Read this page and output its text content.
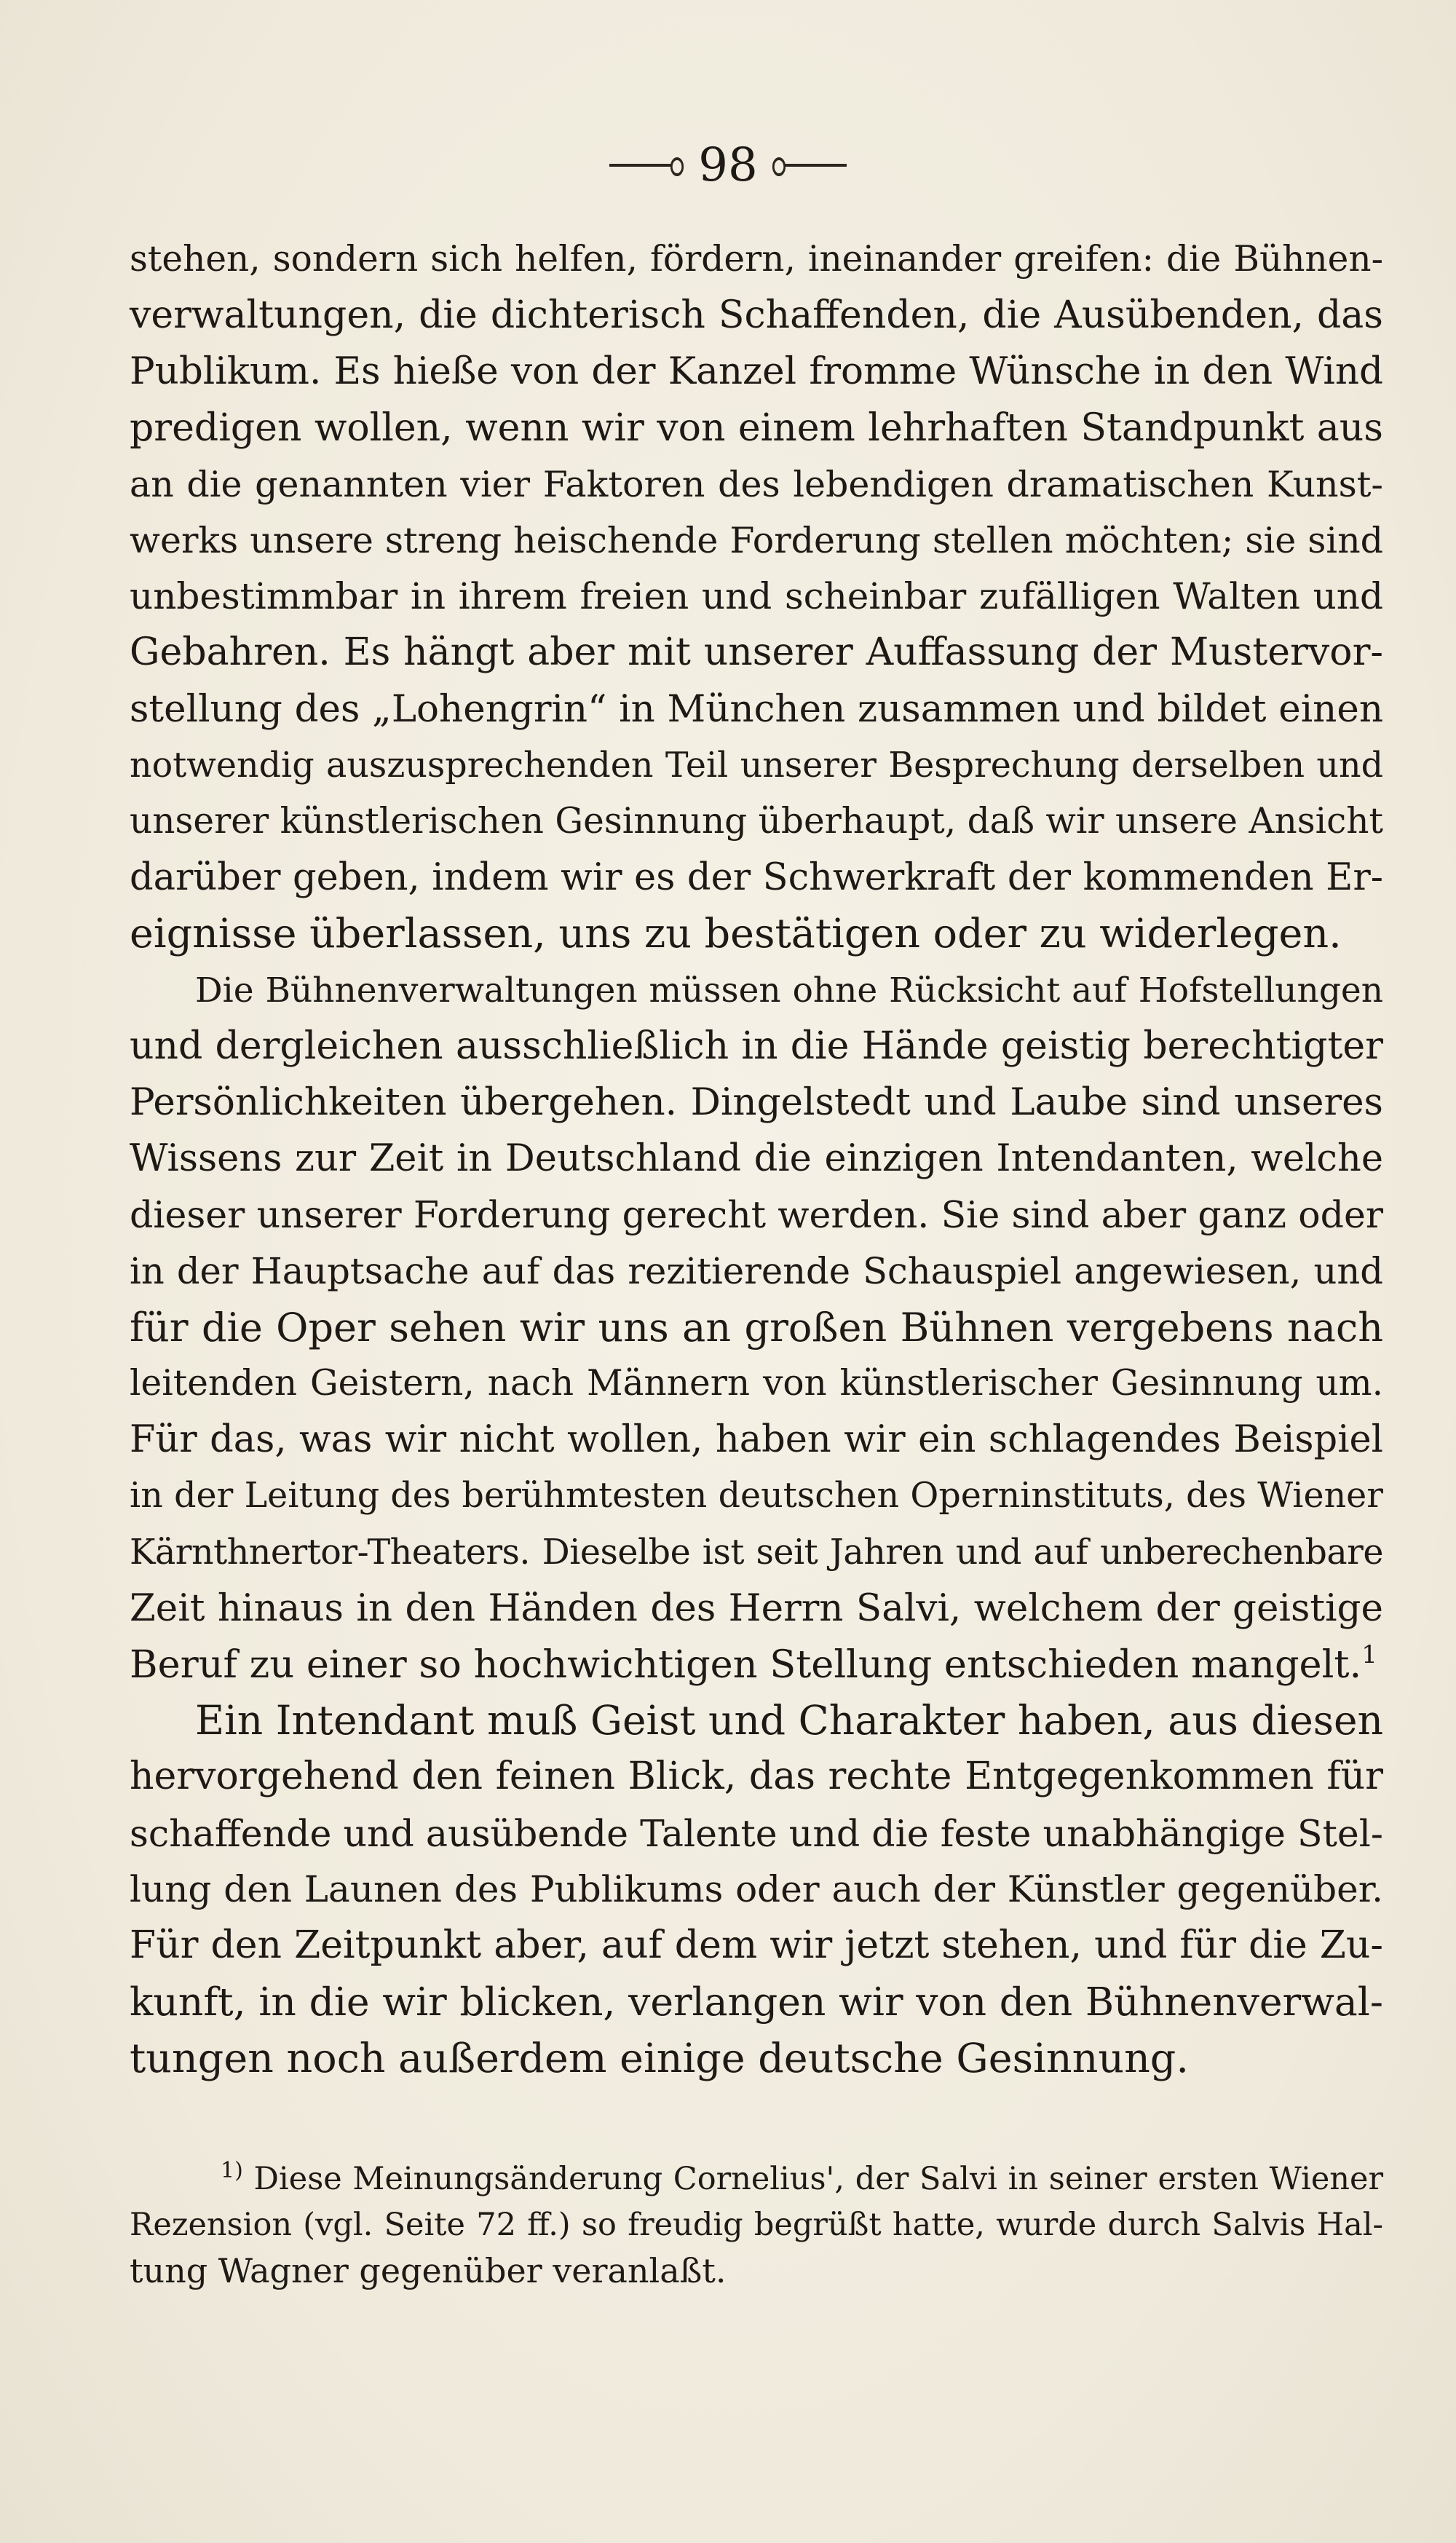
98

stehen, sondern sich helfen, fördern, ineinander greifen: die Bühnen-
verwaltungen, die dichterisch Schaffenden, die Ausübenden, das
Publikum. Es hieße von der Kanzel fromme Wünsche in den Wind
predigen wollen, wenn wir von einem lehrhaften Standpunkt aus
an die genannten vier Faktoren des lebendigen dramatischen Kunst-
werks unsere streng heischende Forderung stellen möchten; sie sind
unbestimmbar in ihrem freien und scheinbar zufälligen Walten und
Gebahren. Es hängt aber mit unserer Auffassung der Mustervor-
stellung des „Lohengrin“ in München zusammen und bildet einen
notwendig auszusprechenden Teil unserer Besprechung derselben und
unserer künstlerischen Gesinnung überhaupt, daß wir unsere Ansicht
darüber geben, indem wir es der Schwerkraft der kommenden Er-
eignisse überlassen, uns zu bestätigen oder zu widerlegen.

Die Bühnenverwaltungen müssen ohne Rücksicht auf Hofstellungen
und dergleichen ausschließlich in die Hände geistig berechtigter
Persönlichkeiten übergehen. Dingelstedt und Laube sind unseres
Wissens zur Zeit in Deutschland die einzigen Intendanten, welche
dieser unserer Forderung gerecht werden. Sie sind aber ganz oder
in der Hauptsache auf das rezitierende Schauspiel angewiesen, und
für die Oper sehen wir uns an großen Bühnen vergebens nach
leitenden Geistern, nach Männern von künstlerischer Gesinnung um.
Für das, was wir nicht wollen, haben wir ein schlagendes Beispiel
in der Leitung des berühmtesten deutschen Operninstituts, des Wiener
Kärnthnertor-Theaters. Dieselbe ist seit Jahren und auf unberechenbare
Zeit hinaus in den Händen des Herrn Salvi, welchem der geistige
Beruf zu einer so hochwichtigen Stellung entschieden mangelt.$^1$

Ein Intendant muß Geist und Charakter haben, aus diesen
hervorgehend den feinen Blick, das rechte Entgegenkommen für
schaffende und ausübende Talente und die feste unabhängige Stel-
lung den Launen des Publikums oder auch der Künstler gegenüber.
Für den Zeitpunkt aber, auf dem wir jetzt stehen, und für die Zu-
kunft, in die wir blicken, verlangen wir von den Bühnenverwal-
tungen noch außerdem einige deutsche Gesinnung.

$^{1)}$ Diese Meinungsänderung Cornelius', der Salvi in seiner ersten Wiener
Rezension (vgl. Seite 72 ff.) so freudig begrüßt hatte, wurde durch Salvis Hal-
tung Wagner gegenüber veranlaßt.
